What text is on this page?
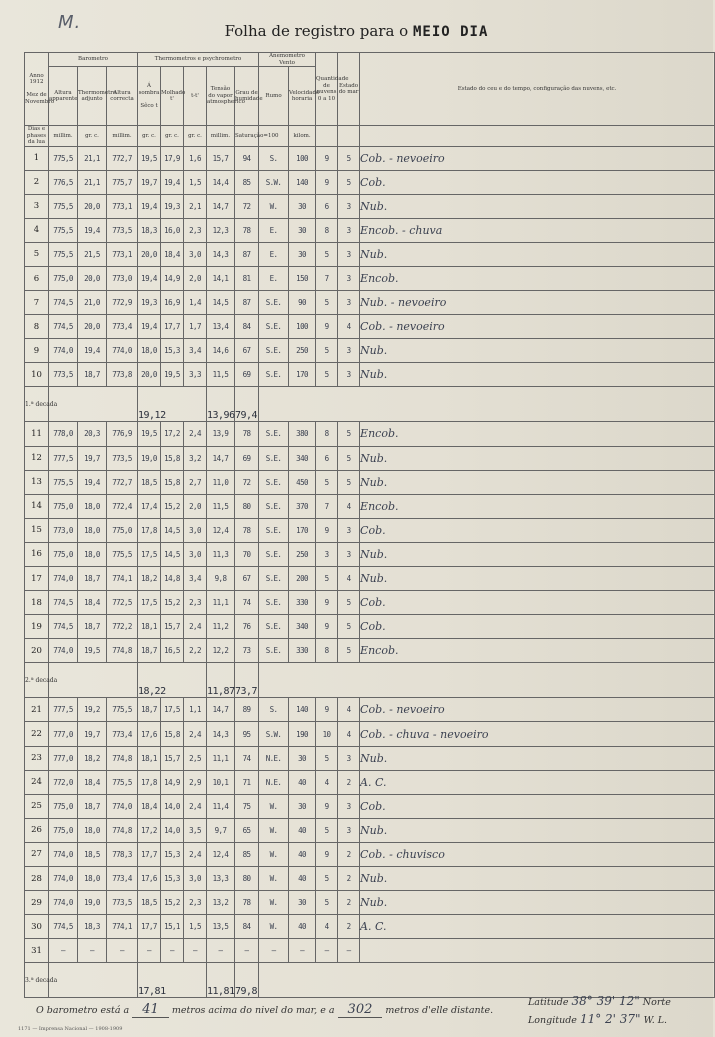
M.	Folha de registro para o MEIO DIA
Anno 1912

Mez de Novembro	Barometro			Thermometros e psychrometro					Anemometro
Vento		Quantidade de nuvens 0 a 10	Estado do mar	Estado do ceu e do tempo, configuração das nuvens, etc.
	Altura apparente	Thermometro adjunto	Altura correcta	Á sombra

Sêco t	Molhado t'	t-t'	Tensão do vapor atmospherico	Grau de humidade	Rumo	Velocidade horaria			
Dias e phases da lua	millim.	gr. c.	millim.	gr. c.	gr. c.	gr. c.	millim.	Saturação=100		kilom.			
1	775,5	21,1	772,7	19,5	17,9	1,6	15,7	94	S.	100	9	5	Cob. - nevoeiro
2	776,5	21,1	775,7	19,7	19,4	1,5	14,4	85	S.W.	140	9	5	Cob.
3	775,5	20,0	773,1	19,4	19,3	2,1	14,7	72	W.	30	6	3	Nub.
4	775,5	19,4	773,5	18,3	16,0	2,3	12,3	78	E.	30	8	3	Encob. - chuva
5	775,5	21,5	773,1	20,0	18,4	3,0	14,3	87	E.	30	5	3	Nub.
6	775,0	20,0	773,0	19,4	14,9	2,0	14,1	81	E.	150	7	3	Encob.
7	774,5	21,0	772,9	19,3	16,9	1,4	14,5	87	S.E.	90	5	3	Nub. - nevoeiro
8	774,5	20,0	773,4	19,4	17,7	1,7	13,4	84	S.E.	100	9	4	Cob. - nevoeiro
9	774,0	19,4	774,0	18,0	15,3	3,4	14,6	67	S.E.	250	5	3	Nub.
10	773,5	18,7	773,8	20,0	19,5	3,3	11,5	69	S.E.	170	5	3	Nub.
1.ª decada				19,12			13,96	79,4					
11	778,0	20,3	776,9	19,5	17,2	2,4	13,9	78	S.E.	380	8	5	Encob.
12	777,5	19,7	773,5	19,0	15,8	3,2	14,7	69	S.E.	340	6	5	Nub.
13	775,5	19,4	772,7	18,5	15,8	2,7	11,0	72	S.E.	450	5	5	Nub.
14	775,0	18,0	772,4	17,4	15,2	2,0	11,5	80	S.E.	370	7	4	Encob.
15	773,0	18,0	775,0	17,8	14,5	3,0	12,4	78	S.E.	170	9	3	Cob.
16	775,0	18,0	775,5	17,5	14,5	3,0	11,3	70	S.E.	250	3	3	Nub.
17	774,0	18,7	774,1	18,2	14,8	3,4	9,8	67	S.E.	200	5	4	Nub.
18	774,5	18,4	772,5	17,5	15,2	2,3	11,1	74	S.E.	330	9	5	Cob.
19	774,5	18,7	772,2	18,1	15,7	2,4	11,2	76	S.E.	340	9	5	Cob.
20	774,0	19,5	774,8	18,7	16,5	2,2	12,2	73	S.E.	330	8	5	Encob.
2.ª decada				18,22			11,87	73,7					
21	777,5	19,2	775,5	18,7	17,5	1,1	14,7	89	S.	140	9	4	Cob. - nevoeiro
22	777,0	19,7	773,4	17,6	15,8	2,4	14,3	95	S.W.	190	10	4	Cob. - chuva - nevoeiro
23	777,0	18,2	774,8	18,1	15,7	2,5	11,1	74	N.E.	30	5	3	Nub.
24	772,0	18,4	775,5	17,8	14,9	2,9	10,1	71	N.E.	40	4	2	A. C.
25	775,0	18,7	774,0	18,4	14,0	2,4	11,4	75	W.	30	9	3	Cob.
26	775,0	18,0	774,8	17,2	14,0	3,5	9,7	65	W.	40	5	3	Nub.
27	774,0	18,5	778,3	17,7	15,3	2,4	12,4	85	W.	40	9	2	Cob. - chuvisco
28	774,0	18,0	773,4	17,6	15,3	3,0	13,3	80	W.	40	5	2	Nub.
29	774,0	19,0	773,5	18,5	15,2	2,3	13,2	78	W.	30	5	2	Nub.
30	774,5	18,3	774,1	17,7	15,1	1,5	13,5	84	W.	40	4	2	A. C.
31	—	—	—	—	—	—	—	—	—	—	—	—	
3.ª decada				17,81			11,81	79,8					
O barometro está a 41 metros acima do nivel do mar, e a 302 metros d'elle distante.
Latitude 38° 39' 12" Norte
Longitude 11° 2' 37" W. L.
1171 — Imprensa Nacional — 1908-1909
